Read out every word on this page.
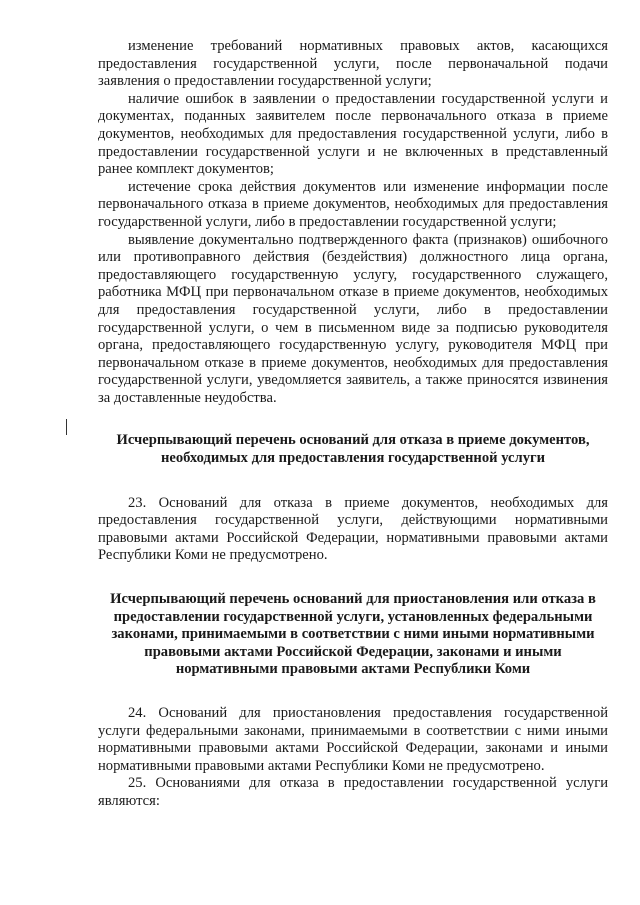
изменение требований нормативных правовых актов, касающихся предоставления государственной услуги, после первоначальной подачи заявления о предоставлении государственной услуги;

наличие ошибок в заявлении о предоставлении государственной услуги и документах, поданных заявителем после первоначального отказа в приеме документов, необходимых для предоставления государственной услуги, либо в предоставлении государственной услуги и не включенных в представленный ранее комплект документов;

истечение срока действия документов или изменение информации после первоначального отказа в приеме документов, необходимых для предоставления государственной услуги, либо в предоставлении государственной услуги;

выявление документально подтвержденного факта (признаков) ошибочного или противоправного действия (бездействия) должностного лица органа, предоставляющего государственную услугу, государственного служащего, работника МФЦ при первоначальном отказе в приеме документов, необходимых для предоставления государственной услуги, либо в предоставлении государственной услуги, о чем в письменном виде за подписью руководителя органа, предоставляющего государственную услугу, руководителя МФЦ при первоначальном отказе в приеме документов, необходимых для предоставления государственной услуги, уведомляется заявитель, а также приносятся извинения за доставленные неудобства.

Исчерпывающий перечень оснований для отказа в приеме документов, необходимых для предоставления государственной услуги

23. Оснований для отказа в приеме документов, необходимых для предоставления государственной услуги, действующими нормативными правовыми актами Российской Федерации, нормативными правовыми актами Республики Коми не предусмотрено.

Исчерпывающий перечень оснований для приостановления или отказа в предоставлении государственной услуги, установленных федеральными законами, принимаемыми в соответствии с ними иными нормативными правовыми актами Российской Федерации, законами и иными нормативными правовыми актами Республики Коми

24. Оснований для приостановления предоставления государственной услуги федеральными законами, принимаемыми в соответствии с ними иными нормативными правовыми актами Российской Федерации, законами и иными нормативными правовыми актами Республики Коми не предусмотрено.

25. Основаниями для отказа в предоставлении государственной услуги являются:
